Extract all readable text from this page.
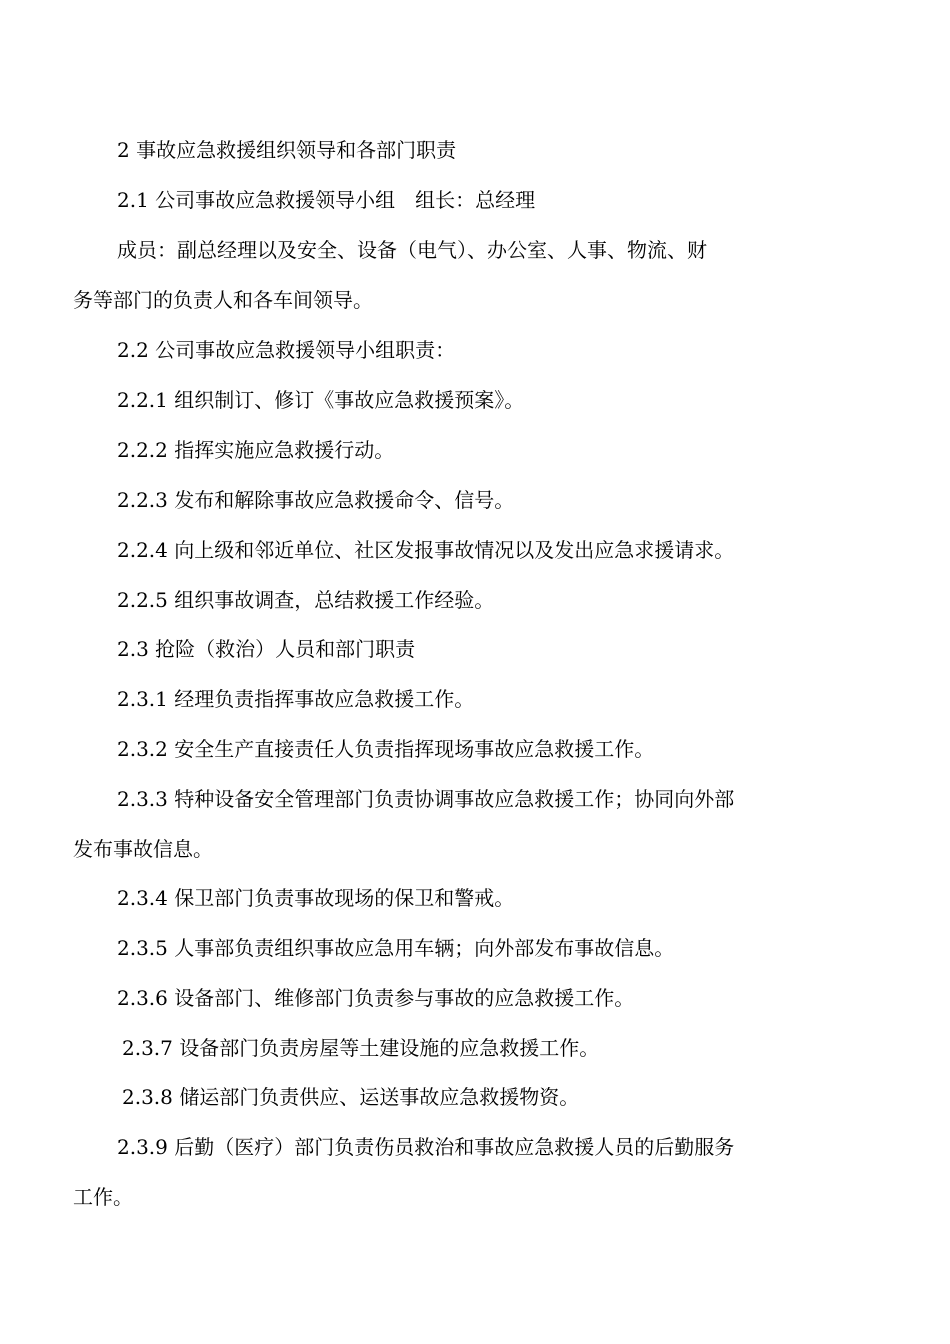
2 事故应急救援组织领导和各部门职责

2.1 公司事故应急救援领导小组　组长：总经理

成员：副总经理以及安全、设备（电气）、办公室、人事、物流、财

务等部门的负责人和各车间领导。

2.2 公司事故应急救援领导小组职责：

2.2.1 组织制订、修订《事故应急救援预案》。

2.2.2 指挥实施应急救援行动。

2.2.3 发布和解除事故应急救援命令、信号。

2.2.4 向上级和邻近单位、社区发报事故情况以及发出应急求援请求。

2.2.5 组织事故调查，总结救援工作经验。

2.3 抢险（救治）人员和部门职责

2.3.1 经理负责指挥事故应急救援工作。

2.3.2 安全生产直接责任人负责指挥现场事故应急救援工作。

2.3.3 特种设备安全管理部门负责协调事故应急救援工作；协同向外部

发布事故信息。

2.3.4 保卫部门负责事故现场的保卫和警戒。

2.3.5 人事部负责组织事故应急用车辆；向外部发布事故信息。

2.3.6 设备部门、维修部门负责参与事故的应急救援工作。

2.3.7 设备部门负责房屋等土建设施的应急救援工作。

2.3.8 储运部门负责供应、运送事故应急救援物资。

2.3.9 后勤（医疗）部门负责伤员救治和事故应急救援人员的后勤服务

工作。
